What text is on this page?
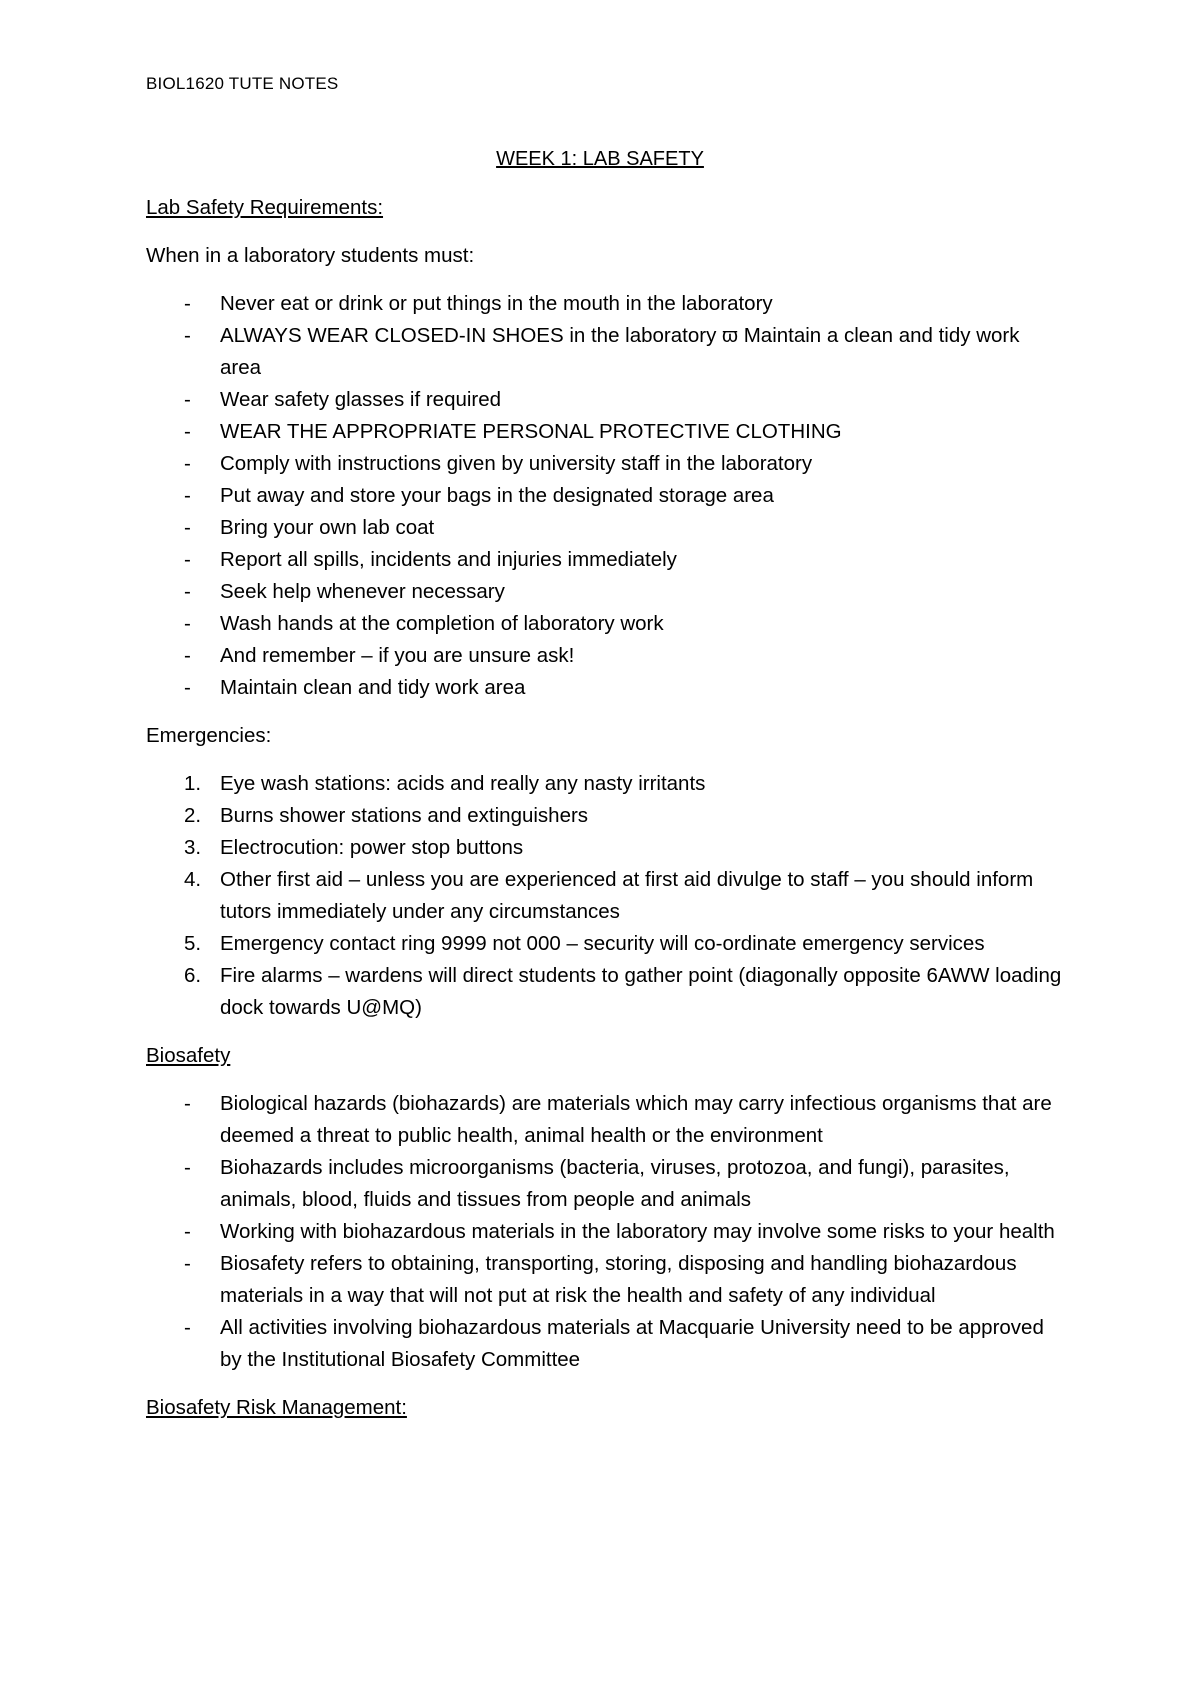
BIOL1620 TUTE NOTES
WEEK 1: LAB SAFETY
Lab Safety Requirements:

When in a laboratory students must:

- Never eat or drink or put things in the mouth in the laboratory
- ALWAYS WEAR CLOSED-IN SHOES in the laboratory ϖ Maintain a clean and tidy work area
- Wear safety glasses if required
- WEAR THE APPROPRIATE PERSONAL PROTECTIVE CLOTHING
- Comply with instructions given by university staff in the laboratory
- Put away and store your bags in the designated storage area
- Bring your own lab coat
- Report all spills, incidents and injuries immediately
- Seek help whenever necessary
- Wash hands at the completion of laboratory work
- And remember – if you are unsure ask!
- Maintain clean and tidy work area
Emergencies:
1. Eye wash stations: acids and really any nasty irritants
2. Burns shower stations and extinguishers
3. Electrocution: power stop buttons
4. Other first aid – unless you are experienced at first aid divulge to staff – you should inform tutors immediately under any circumstances
5. Emergency contact ring 9999 not 000 – security will co-ordinate emergency services
6. Fire alarms – wardens will direct students to gather point (diagonally opposite 6AWW loading dock towards U@MQ)
Biosafety
- Biological hazards (biohazards) are materials which may carry infectious organisms that are deemed a threat to public health, animal health or the environment
- Biohazards includes microorganisms (bacteria, viruses, protozoa, and fungi), parasites, animals, blood, fluids and tissues from people and animals
- Working with biohazardous materials in the laboratory may involve some risks to your health
- Biosafety refers to obtaining, transporting, storing, disposing and handling biohazardous materials in a way that will not put at risk the health and safety of any individual
- All activities involving biohazardous materials at Macquarie University need to be approved by the Institutional Biosafety Committee
Biosafety Risk Management:
